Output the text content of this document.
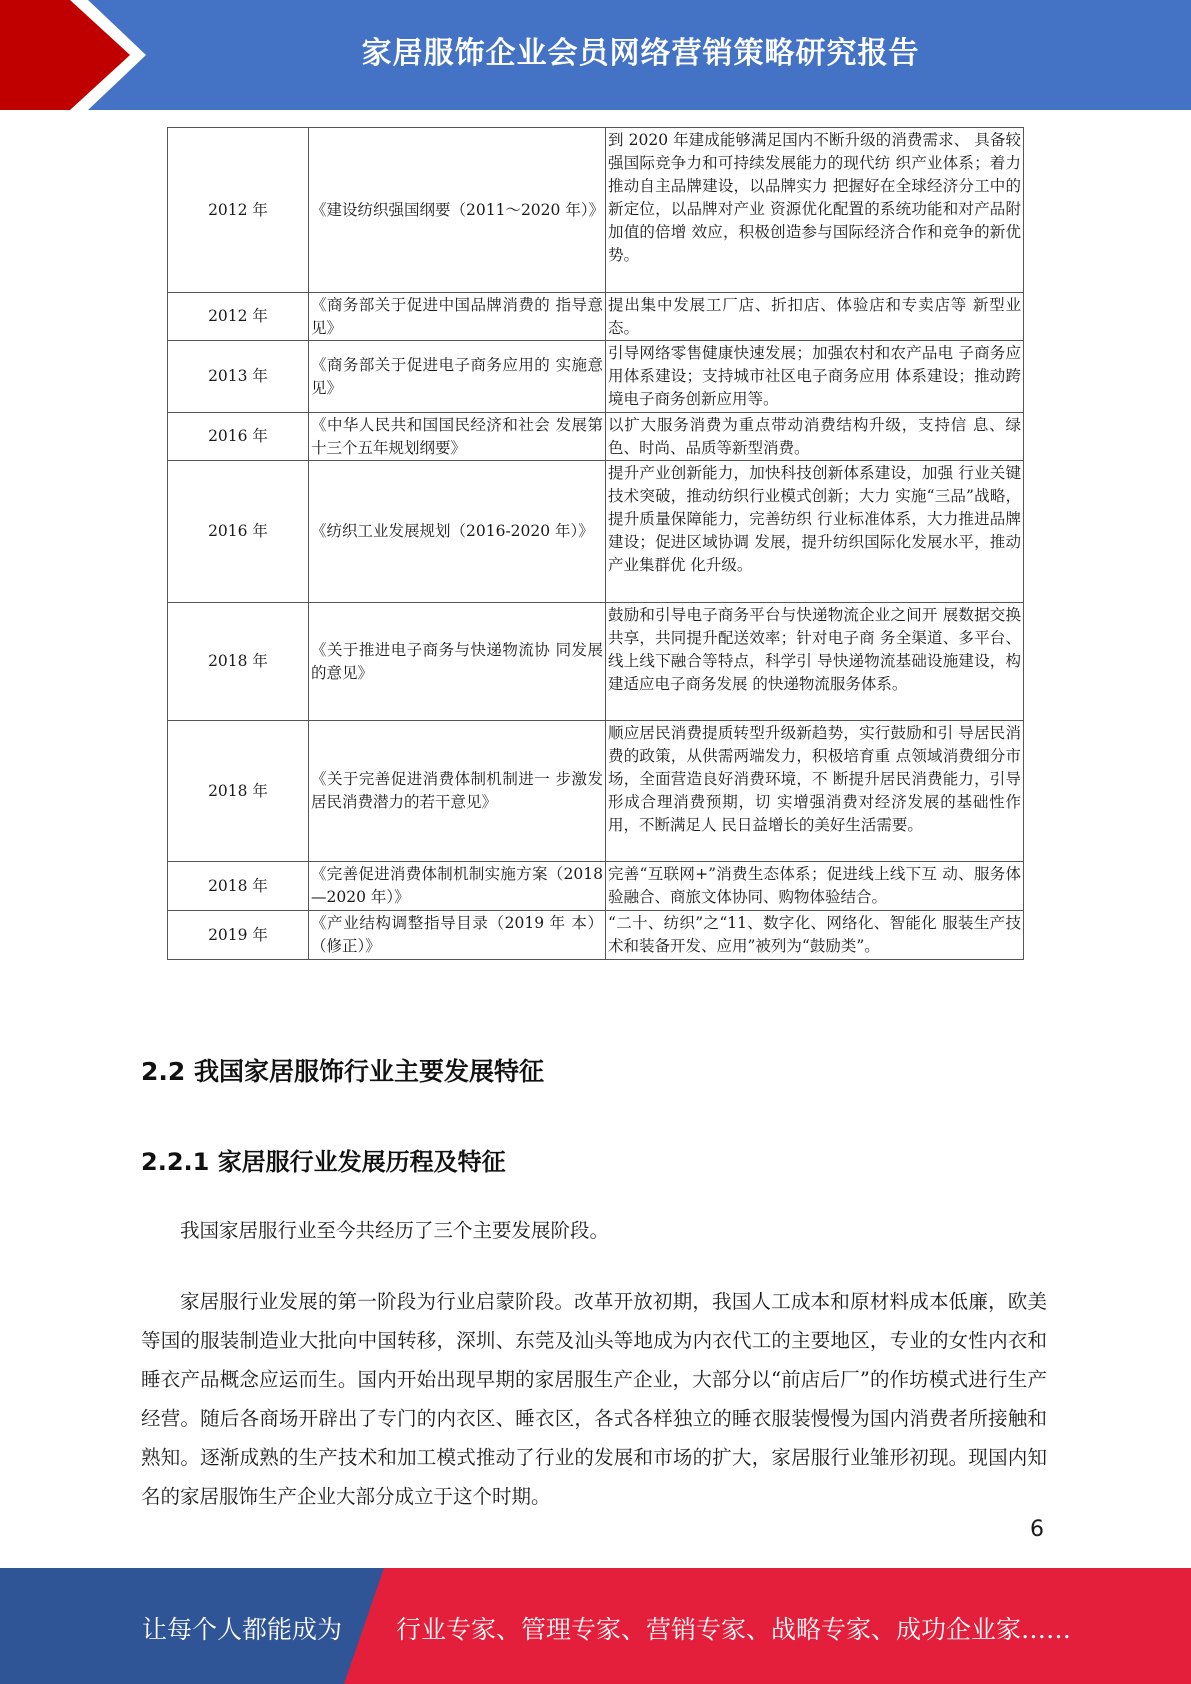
家居服饰企业会员网络营销策略研究报告
2012 年	《建设纺织强国纲要（2011～2020 年）》	到 2020 年建成能够满足国内不断升级的消费需求、 具备较强国际竞争力和可持续发展能力的现代纺 织产业体系；着力推动自主品牌建设，以品牌实力 把握好在全球经济分工中的新定位，以品牌对产业 资源优化配置的系统功能和对产品附加值的倍增 效应，积极创造参与国际经济合作和竞争的新优 势。
2012 年	《商务部关于促进中国品牌消费的 指导意见》	提出集中发展工厂店、折扣店、体验店和专卖店等 新型业态。
2013 年	《商务部关于促进电子商务应用的 实施意见》	引导网络零售健康快速发展；加强农村和农产品电 子商务应用体系建设；支持城市社区电子商务应用 体系建设；推动跨境电子商务创新应用等。
2016 年	《中华人民共和国国民经济和社会 发展第十三个五年规划纲要》	以扩大服务消费为重点带动消费结构升级，支持信 息、绿色、时尚、品质等新型消费。
2016 年	《纺织工业发展规划（2016-2020 年）》	提升产业创新能力，加快科技创新体系建设，加强 行业关键技术突破，推动纺织行业模式创新；大力 实施“三品”战略，提升质量保障能力，完善纺织 行业标准体系，大力推进品牌建设；促进区域协调 发展，提升纺织国际化发展水平，推动产业集群优 化升级。
2018 年	《关于推进电子商务与快递物流协 同发展的意见》	鼓励和引导电子商务平台与快递物流企业之间开 展数据交换共享，共同提升配送效率；针对电子商 务全渠道、多平台、线上线下融合等特点，科学引 导快递物流基础设施建设，构建适应电子商务发展 的快递物流服务体系。
2018 年	《关于完善促进消费体制机制进一 步激发居民消费潜力的若干意见》	顺应居民消费提质转型升级新趋势，实行鼓励和引 导居民消费的政策，从供需两端发力，积极培育重 点领域消费细分市场，全面营造良好消费环境，不 断提升居民消费能力，引导形成合理消费预期，切 实增强消费对经济发展的基础性作用，不断满足人 民日益增长的美好生活需要。
2018 年	《完善促进消费体制机制实施方案（2018—2020 年）》	完善“互联网+”消费生态体系；促进线上线下互 动、服务体验融合、商旅文体协同、购物体验结合。
2019 年	《产业结构调整指导目录（2019 年 本）（修正）》	“二十、纺织”之“11、数字化、网络化、智能化 服装生产技术和装备开发、应用”被列为“鼓励类”。
2.2 我国家居服饰行业主要发展特征
2.2.1 家居服行业发展历程及特征

我国家居服行业至今共经历了三个主要发展阶段。

家居服行业发展的第一阶段为行业启蒙阶段。改革开放初期，我国人工成本和原材料成本低廉，欧美等国的服装制造业大批向中国转移，深圳、东莞及汕头等地成为内衣代工的主要地区，专业的女性内衣和睡衣产品概念应运而生。国内开始出现早期的家居服生产企业，大部分以“前店后厂”的作坊模式进行生产经营。随后各商场开辟出了专门的内衣区、睡衣区，各式各样独立的睡衣服装慢慢为国内消费者所接触和熟知。逐渐成熟的生产技术和加工模式推动了行业的发展和市场的扩大，家居服行业雏形初现。现国内知名的家居服饰生产企业大部分成立于这个时期。

6
让每个人都能成为 行业专家、管理专家、营销专家、战略专家、成功企业家……
